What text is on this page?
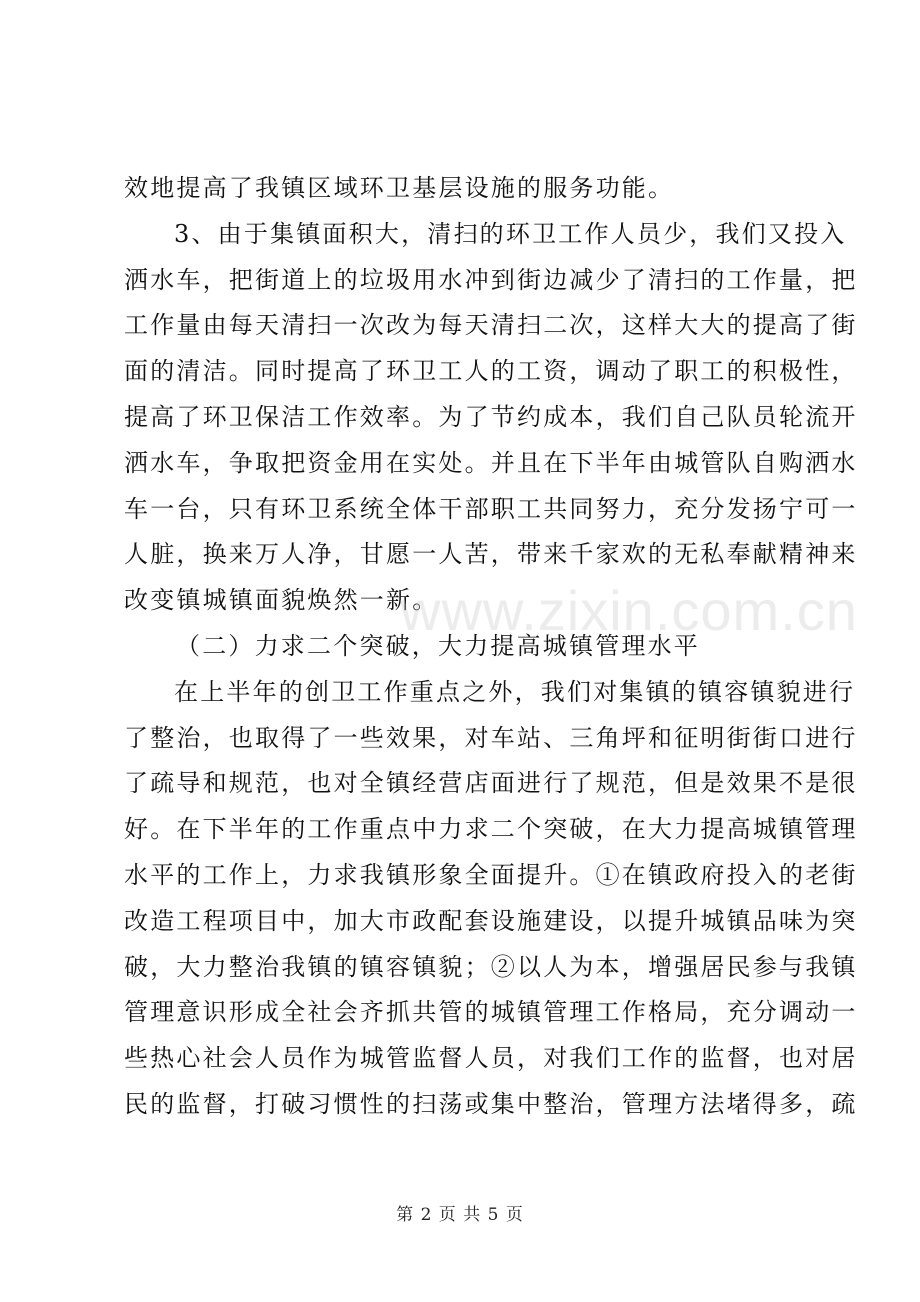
效地提高了我镇区域环卫基层设施的服务功能。
3、由于集镇面积大，清扫的环卫工作人员少，我们又投入
洒水车，把街道上的垃圾用水冲到街边减少了清扫的工作量，把
工作量由每天清扫一次改为每天清扫二次，这样大大的提高了街
面的清洁。同时提高了环卫工人的工资，调动了职工的积极性，
提高了环卫保洁工作效率。为了节约成本，我们自己队员轮流开
洒水车，争取把资金用在实处。并且在下半年由城管队自购洒水
车一台，只有环卫系统全体干部职工共同努力，充分发扬宁可一
人脏，换来万人净，甘愿一人苦，带来千家欢的无私奉献精神来
改变镇城镇面貌焕然一新。
（二）力求二个突破，大力提高城镇管理水平
在上半年的创卫工作重点之外，我们对集镇的镇容镇貌进行
了整治，也取得了一些效果，对车站、三角坪和征明街街口进行
了疏导和规范，也对全镇经营店面进行了规范，但是效果不是很
好。在下半年的工作重点中力求二个突破，在大力提高城镇管理
水平的工作上，力求我镇形象全面提升。①在镇政府投入的老街
改造工程项目中，加大市政配套设施建设，以提升城镇品味为突
破，大力整治我镇的镇容镇貌；②以人为本，增强居民参与我镇
管理意识形成全社会齐抓共管的城镇管理工作格局，充分调动一
些热心社会人员作为城管监督人员，对我们工作的监督，也对居
民的监督，打破习惯性的扫荡或集中整治，管理方法堵得多，疏
www.zixin.com.cn
第 2 页 共 5 页
